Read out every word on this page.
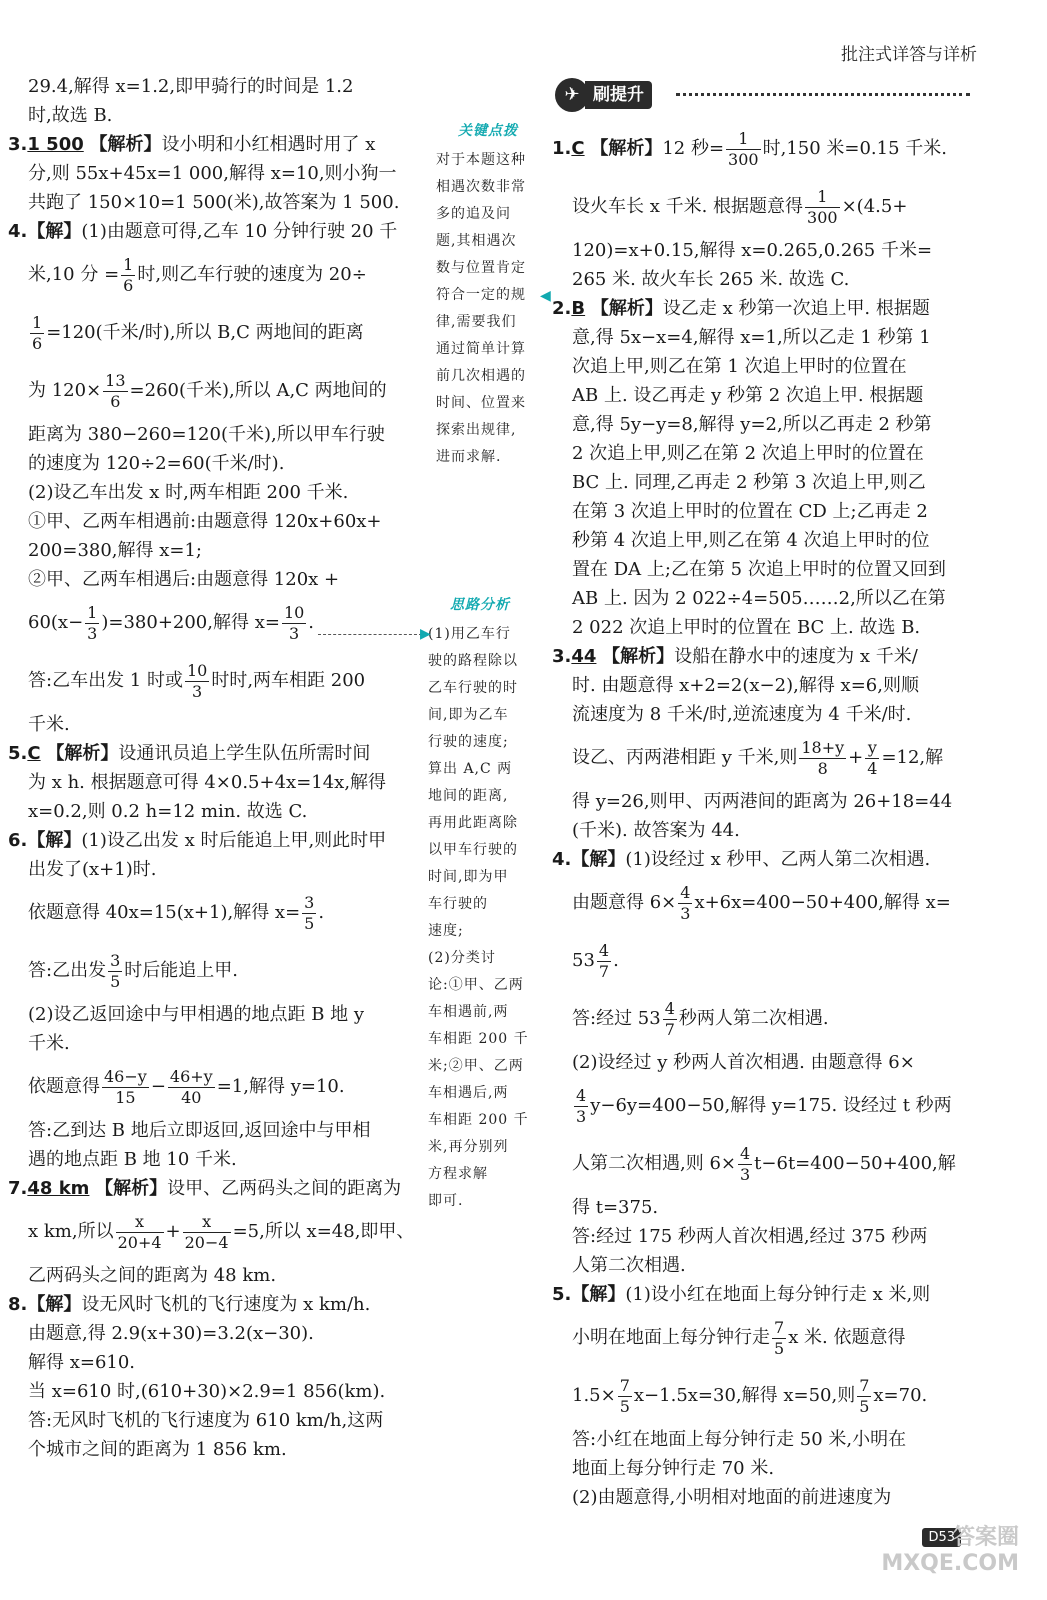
批注式详答与详析
29.4,解得 x=1.2,即甲骑行的时间是 1.2
时,故选 B.
3.1 500 【解析】设小明和小红相遇时用了 x
分,则 55x+45x=1 000,解得 x=10,则小狗一
共跑了 150×10=1 500(米),故答案为 1 500.
4.【解】(1)由题意可得,乙车 10 分钟行驶 20 千
米,10 分 = $\frac{1}{6}$ 时,则乙车行驶的速度为 20÷
$\frac{1}{6} =120$(千米/时),所以 B,C 两地间的距离
为 $120\times \frac{13}{6} =260$(千米),所以 A,C 两地间的
距离为 380−260=120(千米),所以甲车行驶
的速度为 120÷2=60(千米/时).
(2)设乙车出发 x 时,两车相距 200 千米.
①甲、乙两车相遇前:由题意得 120x+60x+
200=380,解得 x=1;
②甲、乙两车相遇后:由题意得 120x +
$60(x- \frac{1}{3} )=380+200$,解得 $x= \frac{10}{3}$ .
答:乙车出发 1 时或 $\frac{10}{3}$ 时时,两车相距 200
千米.
5.C 【解析】设通讯员追上学生队伍所需时间
为 x h. 根据题意可得 4×0.5+4x=14x,解得
x=0.2,则 0.2 h=12 min. 故选 C.
6.【解】(1)设乙出发 x 时后能追上甲,则此时甲
出发了(x+1)时.
依题意得 40x=15(x+1),解得 $x= \frac{3}{5}$ .
答:乙出发 $\frac{3}{5}$ 时后能追上甲.
(2)设乙返回途中与甲相遇的地点距 B 地 y
千米.
依题意得 $\frac{46-y}{15} - \frac{46+y}{40} =1$,解得 y=10.
答:乙到达 B 地后立即返回,返回途中与甲相
遇的地点距 B 地 10 千米.
7.48 km 【解析】设甲、乙两码头之间的距离为
x km,所以 $\frac{x}{20+4} + \frac{x}{20-4} =5$,所以 x=48,即甲、
乙两码头之间的距离为 48 km.
8.【解】设无风时飞机的飞行速度为 x km/h.
由题意,得 2.9(x+30)=3.2(x−30).
解得 x=610.
当 x=610 时,(610+30)×2.9=1 856(km).
答:无风时飞机的飞行速度为 610 km/h,这两
个城市之间的距离为 1 856 km.
关键点拨
对于本题这种
相遇次数非常
多的追及问
题,其相遇次
数与位置肯定
符合一定的规
律,需要我们
通过简单计算
前几次相遇的
时间、位置来
探索出规律,
进而求解.
◀
思路分析
(1)用乙车行
驶的路程除以
乙车行驶的时
间,即为乙车
行驶的速度;
算出 A,C 两
地间的距离,
再用此距离除
以甲车行驶的
时间,即为甲
车行驶的
速度;
(2)分类讨
论:①甲、乙两
车相遇前,两
车相距 200 千
米;②甲、乙两
车相遇后,两
车相距 200 千
米,再分别列
方程求解
即可.
▶
✈ 刷提升
1.C 【解析】12 秒= $\frac{1}{300}$ 时,150 米=0.15 千米.
设火车长 x 千米. 根据题意得 $\frac{1}{300} \times(4.5+$
120)=x+0.15,解得 x=0.265,0.265 千米=
265 米. 故火车长 265 米. 故选 C.
2.B 【解析】设乙走 x 秒第一次追上甲. 根据题
意,得 5x−x=4,解得 x=1,所以乙走 1 秒第 1
次追上甲,则乙在第 1 次追上甲时的位置在
AB 上. 设乙再走 y 秒第 2 次追上甲. 根据题
意,得 5y−y=8,解得 y=2,所以乙再走 2 秒第
2 次追上甲,则乙在第 2 次追上甲时的位置在
BC 上. 同理,乙再走 2 秒第 3 次追上甲,则乙
在第 3 次追上甲时的位置在 CD 上;乙再走 2
秒第 4 次追上甲,则乙在第 4 次追上甲时的位
置在 DA 上;乙在第 5 次追上甲时的位置又回到
AB 上. 因为 2 022÷4=505……2,所以乙在第
2 022 次追上甲时的位置在 BC 上. 故选 B.
3.44 【解析】设船在静水中的速度为 x 千米/
时. 由题意得 x+2=2(x−2),解得 x=6,则顺
流速度为 8 千米/时,逆流速度为 4 千米/时.
设乙、丙两港相距 y 千米,则 $\frac{18+y}{8} + \frac{y}{4} =12$,解
得 y=26,则甲、丙两港间的距离为 26+18=44
(千米). 故答案为 44.
4.【解】(1)设经过 x 秒甲、乙两人第二次相遇.
由题意得 $6\times \frac{4}{3} x+6x=400-50+400$,解得 x=
$53 \frac{4}{7}$ .
答:经过 $53 \frac{4}{7}$ 秒两人第二次相遇.
(2)设经过 y 秒两人首次相遇. 由题意得 6×
$\frac{4}{3} y-6y=400-50$,解得 y=175. 设经过 t 秒两
人第二次相遇,则 $6\times \frac{4}{3} t-6t=400-50+400$,解
得 t=375.
答:经过 175 秒两人首次相遇,经过 375 秒两
人第二次相遇.
5.【解】(1)设小红在地面上每分钟行走 x 米,则
小明在地面上每分钟行走 $\frac{7}{5}$ x 米. 依题意得
$1.5\times \frac{7}{5} x-1.5x=30$,解得 x=50,则 $\frac{7}{5} x=70$.
答:小红在地面上每分钟行走 50 米,小明在
地面上每分钟行走 70 米.
(2)由题意得,小明相对地面的前进速度为
D53
答案圈
MXQE.COM
